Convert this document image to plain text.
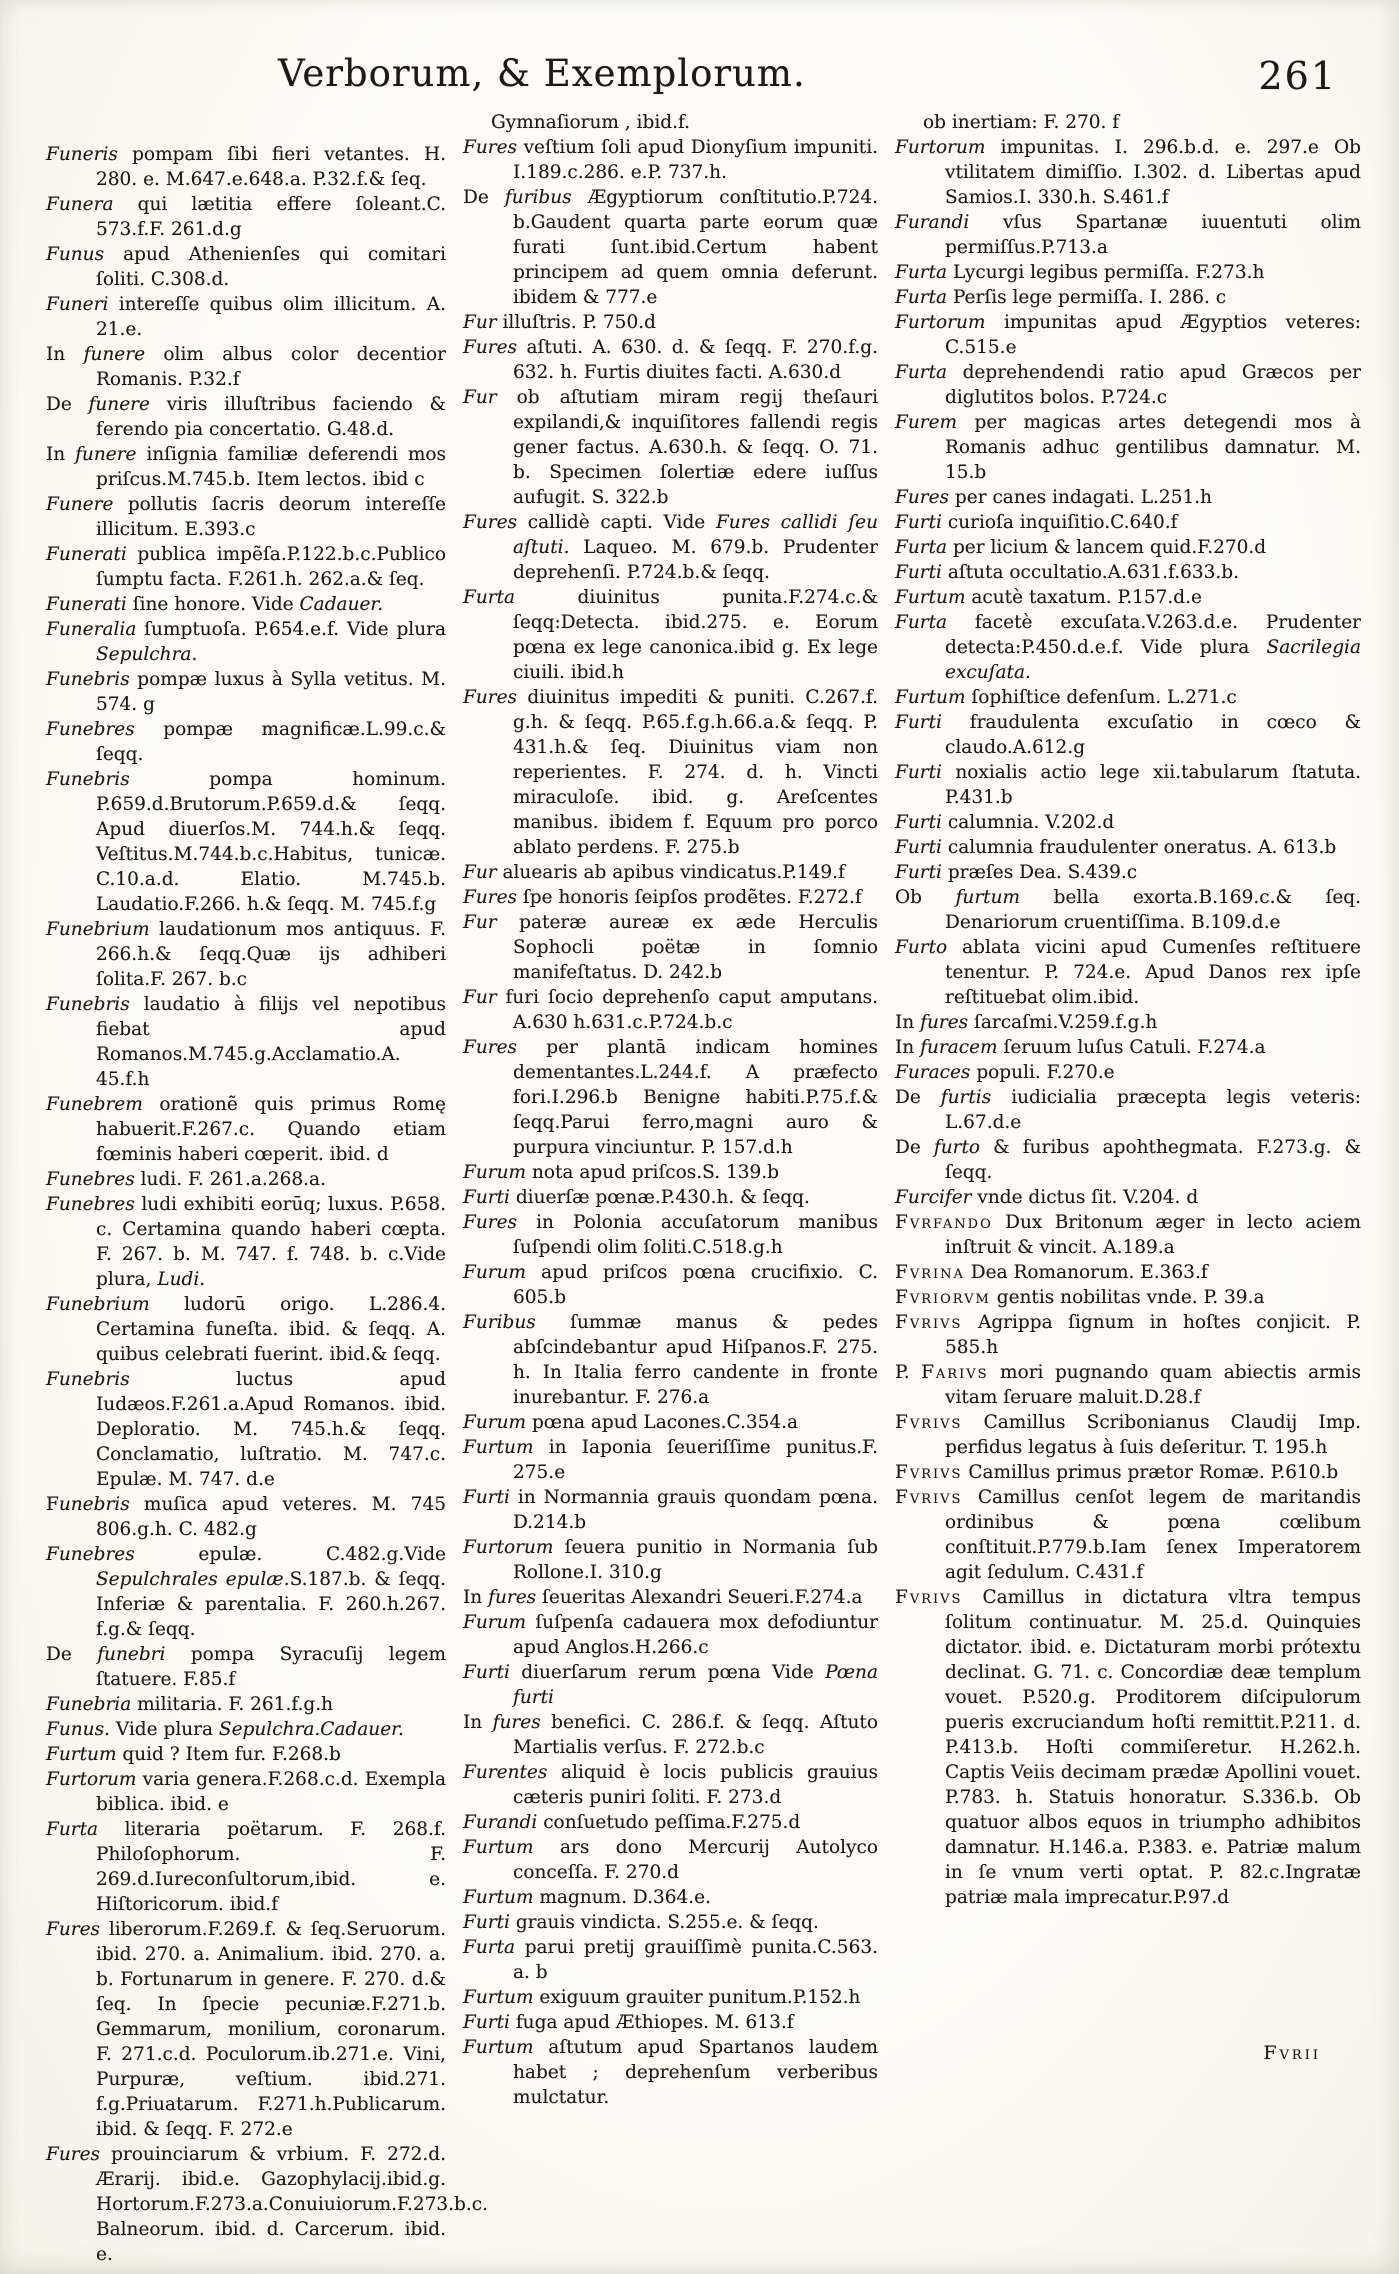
Verborum, & Exemplorum.	261

Funeris pompam ſibi fieri vetantes. H. 280. e. M.647.e.648.a. P.32.f.& ſeq.

Funera qui lætitia effere ſoleant.C. 573.f.F. 261.d.g

Funus apud Athenienſes qui comitari ſoliti. C.308.d.

Funeri intereſſe quibus olim illicitum. A. 21.e.

In funere olim albus color decentior Romanis. P.32.f

De funere viris illuſtribus faciendo & ferendo pia concertatio. G.48.d.

In funere inſignia familiæ deferendi mos priſcus.M.745.b. Item lectos. ibid c

Funere pollutis ſacris deorum intereſſe illicitum. E.393.c

Funerati publica impẽſa.P.122.b.c.Publico ſumptu facta. F.261.h. 262.a.& ſeq.

Funerati ſine honore. Vide Cadauer.

Funeralia ſumptuoſa. P.654.e.f. Vide plura Sepulchra.

Funebris pompæ luxus à Sylla vetitus. M. 574. g

Funebres pompæ magnificæ.L.99.c.& ſeqq.

Funebris pompa hominum. P.659.d.Brutorum.P.659.d.& ſeqq. Apud diuerſos.M. 744.h.& ſeqq. Veſtitus.M.744.b.c.Habitus, tunicæ. C.10.a.d. Elatio. M.745.b. Laudatio.F.266. h.& ſeqq. M. 745.f.g

Funebrium laudationum mos antiquus. F. 266.h.& ſeqq.Quæ ijs adhiberi ſolita.F. 267. b.c

Funebris laudatio à filijs vel nepotibus fiebat apud Romanos.M.745.g.Acclamatio.A. 45.f.h

Funebrem orationẽ quis primus Romę habuerit.F.267.c. Quando etiam fœminis haberi cœperit. ibid. d

Funebres ludi. F. 261.a.268.a.

Funebres ludi exhibiti eorūq; luxus. P.658. c. Certamina quando haberi cœpta. F. 267. b. M. 747. f. 748. b. c.Vide plura, Ludi.

Funebrium ludorū origo. L.286.4. Certamina funeſta. ibid. & ſeqq. A. quibus celebrati fuerint. ibid.& ſeqq.

Funebris luctus apud Iudæos.F.261.a.Apud Romanos. ibid. Deploratio. M. 745.h.& ſeqq. Conclamatio, luſtratio. M. 747.c. Epulæ. M. 747. d.e

Funebris muſica apud veteres. M. 745 806.g.h. C. 482.g

Funebres epulæ. C.482.g.Vide Sepulchrales epulæ.S.187.b. & ſeqq. Inferiæ & parentalia. F. 260.h.267. f.g.& ſeqq.

De funebri pompa Syracuſij legem ſtatuere. F.85.f

Funebria militaria. F. 261.f.g.h

Funus. Vide plura Sepulchra.Cadauer.

Furtum quid ? Item fur. F.268.b

Furtorum varia genera.F.268.c.d. Exempla biblica. ibid. e

Furta literaria poëtarum. F. 268.f. Philoſophorum. F. 269.d.Iureconſultorum,ibid. e. Hiſtoricorum. ibid.f

Fures liberorum.F.269.f. & ſeq.Seruorum. ibid. 270. a. Animalium. ibid. 270. a. b. Fortunarum in genere. F. 270. d.& ſeq. In ſpecie pecuniæ.F.271.b. Gemmarum, monilium, coronarum. F. 271.c.d. Poculorum.ib.271.e. Vini, Purpuræ, veſtium. ibid.271. f.g.Priuatarum. F.271.h.Publicarum. ibid. & ſeqq. F. 272.e

Fures prouinciarum & vrbium. F. 272.d. Ærarij. ibid.e. Gazophylacij.ibid.g. Hortorum.F.273.a.Conuiuiorum.F.273.b.c. Balneorum. ibid. d. Carcerum. ibid. e.

Gymnaſiorum , ibid.f.

Fures veſtium ſoli apud Dionyſium impuniti. I.189.c.286. e.P. 737.h.

De furibus Ægyptiorum conſtitutio.P.724. b.Gaudent quarta parte eorum quæ furati ſunt.ibid.Certum habent principem ad quem omnia deferunt. ibidem & 777.e

Fur illuſtris. P. 750.d

Fures aſtuti. A. 630. d. & ſeqq. F. 270.f.g. 632. h. Furtis diuites facti. A.630.d

Fur ob aſtutiam miram regij theſauri expilandi,& inquiſitores fallendi regis gener factus. A.630.h. & ſeqq. O. 71. b. Specimen ſolertiæ edere iuſſus aufugit. S. 322.b

Fures callidè capti. Vide Fures callidi ſeu aſtuti. Laqueo. M. 679.b. Prudenter deprehenſi. P.724.b.& ſeqq.

Furta diuinitus punita.F.274.c.& ſeqq:Detecta. ibid.275. e. Eorum pœna ex lege canonica.ibid g. Ex lege ciuili. ibid.h

Fures diuinitus impediti & puniti. C.267.f. g.h. & ſeqq. P.65.f.g.h.66.a.& ſeqq. P. 431.h.& ſeq. Diuinitus viam non reperientes. F. 274. d. h. Vincti miraculoſe. ibid. g. Areſcentes manibus. ibidem f. Equum pro porco ablato perdens. F. 275.b

Fur aluearis ab apibus vindicatus.P.149.f

Fures ſpe honoris ſeipſos prodẽtes. F.272.f

Fur pateræ aureæ ex æde Herculis Sophocli poëtæ in ſomnio manifeſtatus. D. 242.b

Fur furi ſocio deprehenſo caput amputans. A.630 h.631.c.P.724.b.c

Fures per plantā indicam homines dementantes.L.244.f. A præfecto fori.I.296.b Benigne habiti.P.75.f.& ſeqq.Parui ferro,magni auro & purpura vinciuntur. P. 157.d.h

Furum nota apud priſcos.S. 139.b

Furti diuerſæ pœnæ.P.430.h. & ſeqq.

Fures in Polonia accuſatorum manibus ſuſpendi olim ſoliti.C.518.g.h

Furum apud priſcos pœna crucifixio. C. 605.b

Furibus ſummæ manus & pedes abſcindebantur apud Hiſpanos.F. 275. h. In Italia ferro candente in fronte inurebantur. F. 276.a

Furum pœna apud Lacones.C.354.a

Furtum in Iaponia ſeueriſſime punitus.F. 275.e

Furti in Normannia grauis quondam pœna. D.214.b

Furtorum ſeuera punitio in Normania ſub Rollone.I. 310.g

In fures ſeueritas Alexandri Seueri.F.274.a

Furum ſuſpenſa cadauera mox defodiuntur apud Anglos.H.266.c

Furti diuerſarum rerum pœna Vide Pœna furti

In fures benefici. C. 286.f. & ſeqq. Aſtuto Martialis verſus. F. 272.b.c

Furentes aliquid è locis publicis grauius cæteris puniri ſoliti. F. 273.d

Furandi conſuetudo peſſima.F.275.d

Furtum ars dono Mercurij Autolyco conceſſa. F. 270.d

Furtum magnum. D.364.e.

Furti grauis vindicta. S.255.e. & ſeqq.

Furta parui pretij grauiſſimè punita.C.563. a. b

Furtum exiguum grauiter punitum.P.152.h

Furti fuga apud Æthiopes. M. 613.f

Furtum aſtutum apud Spartanos laudem habet ; deprehenſum verberibus mulctatur.

ob inertiam: F. 270. f

Furtorum impunitas. I. 296.b.d. e. 297.e Ob vtilitatem dimiſſio. I.302. d. Libertas apud Samios.I. 330.h. S.461.f

Furandi vſus Spartanæ iuuentuti olim permiſſus.P.713.a

Furta Lycurgi legibus permiſſa. F.273.h

Furta Perſis lege permiſſa. I. 286. c

Furtorum impunitas apud Ægyptios veteres: C.515.e

Furta deprehendendi ratio apud Græcos per diglutitos bolos. P.724.c

Furem per magicas artes detegendi mos à Romanis adhuc gentilibus damnatur. M. 15.b

Fures per canes indagati. L.251.h

Furti curioſa inquiſitio.C.640.f

Furta per licium & lancem quid.F.270.d

Furti aſtuta occultatio.A.631.f.633.b.

Furtum acutè taxatum. P.157.d.e

Furta facetè excuſata.V.263.d.e. Prudenter detecta:P.450.d.e.f. Vide plura Sacrilegia excuſata.

Furtum ſophiſtice defenſum. L.271.c

Furti fraudulenta excuſatio in cœco & claudo.A.612.g

Furti noxialis actio lege xii.tabularum ſtatuta. P.431.b

Furti calumnia. V.202.d

Furti calumnia fraudulenter oneratus. A. 613.b

Furti præſes Dea. S.439.c

Ob furtum bella exorta.B.169.c.& ſeq. Denariorum cruentiſſima. B.109.d.e

Furto ablata vicini apud Cumenſes reſtituere tenentur. P. 724.e. Apud Danos rex ipſe reſtituebat olim.ibid.

In fures ſarcaſmi.V.259.f.g.h

In furacem ſeruum luſus Catuli. F.274.a

Furaces populi. F.270.e

De furtis iudicialia præcepta legis veteris: L.67.d.e

De furto & furibus apohthegmata. F.273.g. & ſeqq.

Furcifer vnde dictus ſit. V.204. d

Fvrfando Dux Britonum æger in lecto aciem inſtruit & vincit. A.189.a

Fvrina Dea Romanorum. E.363.f

Fvriorvm gentis nobilitas vnde. P. 39.a

Fvrivs Agrippa ſignum in hoſtes conjicit. P. 585.h

P. Farivs mori pugnando quam abiectis armis vitam ſeruare maluit.D.28.f

Fvrivs Camillus Scribonianus Claudij Imp. perfidus legatus à ſuis deſeritur. T. 195.h

Fvrivs Camillus primus prætor Romæ. P.610.b

Fvrivs Camillus cenſot legem de maritandis ordinibus & pœna cœlibum conſtituit.P.779.b.Iam ſenex Imperatorem agit ſedulum. C.431.f

Fvrivs Camillus in dictatura vltra tempus ſolitum continuatur. M. 25.d. Quinquies dictator. ibid. e. Dictaturam morbi prótextu declinat. G. 71. c. Concordiæ deæ templum vouet. P.520.g. Proditorem diſcipulorum pueris excruciandum hoſti remittit.P.211. d. P.413.b. Hoſti commiſeretur. H.262.h. Captis Veiis decimam prædæ Apollini vouet. P.783. h. Statuis honoratur. S.336.b. Ob quatuor albos equos in triumpho adhibitos damnatur. H.146.a. P.383. e. Patriæ malum in ſe vnum verti optat. P. 82.c.Ingratæ patriæ mala imprecatur.P.97.d

Fvrii
